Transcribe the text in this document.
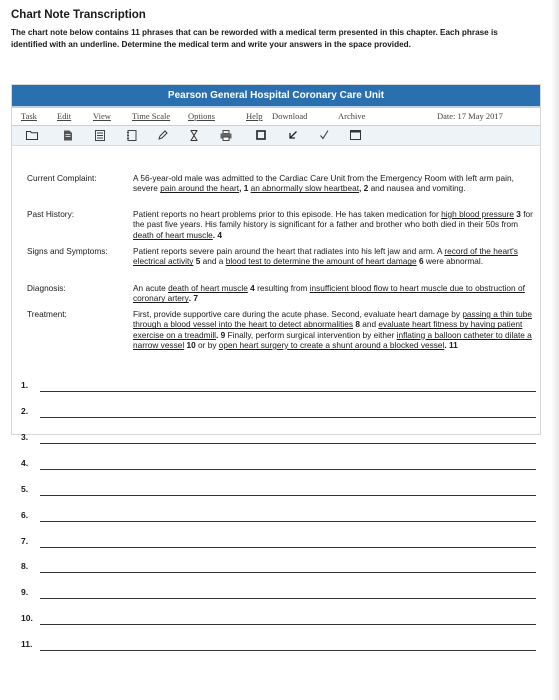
Chart Note Transcription
The chart note below contains 11 phrases that can be reworded with a medical term presented in this chapter. Each phrase is identified with an underline. Determine the medical term and write your answers in the space provided.
Pearson General Hospital Coronary Care Unit
Task Edit	View Time Scale Options	Help Download	Archive	Date: 17 May 2017
Current Complaint:	A 56-year-old male was admitted to the Cardiac Care Unit from the Emergency Room with left arm pain, severe pain around the heart, 1 an abnormally slow heartbeat, 2 and nausea and vomiting.
Past History:	Patient reports no heart problems prior to this episode. He has taken medication for high blood pressure 3 for the past five years. His family history is significant for a father and brother who both died in their 50s from death of heart muscle. 4
Signs and Symptoms:	Patient reports severe pain around the heart that radiates into his left jaw and arm. A record of the heart's electrical activity 5 and a blood test to determine the amount of heart damage 6 were abnormal.
Diagnosis:	An acute death of heart muscle 4 resulting from insufficient blood flow to heart muscle due to obstruction of coronary artery. 7
Treatment:	First, provide supportive care during the acute phase. Second, evaluate heart damage by passing a thin tube through a blood vessel into the heart to detect abnormalities 8 and evaluate heart fitness by having patient exercise on a treadmill. 9 Finally, perform surgical intervention by either inflating a balloon catheter to dilate a narrow vessel 10 or by open heart surgery to create a shunt around a blocked vessel. 11
1.
2.
3.
4.
5.
6.
7.
8.
9.
10.
11.
